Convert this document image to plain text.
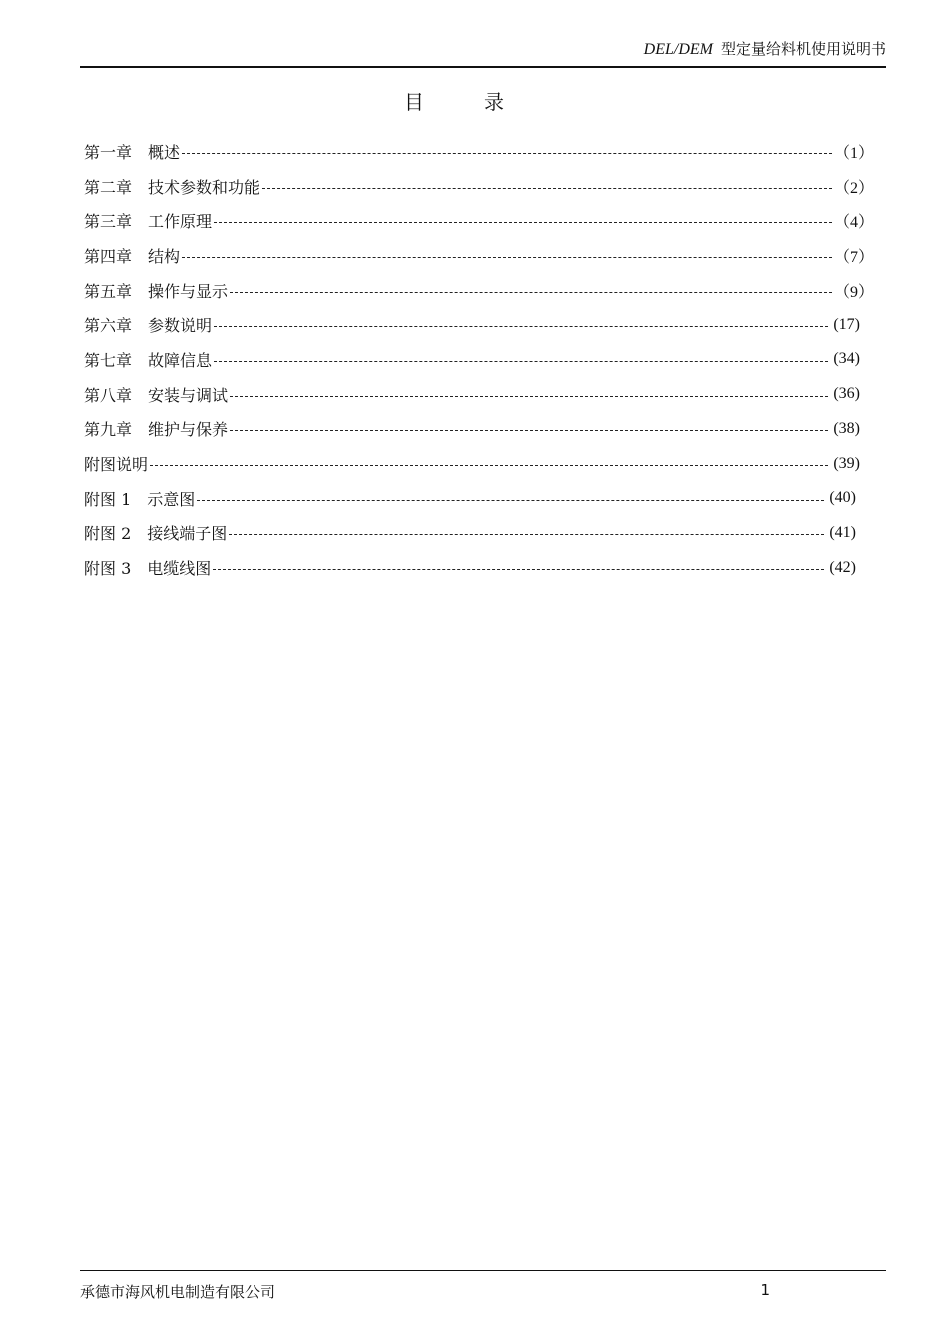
DEL/DEM 型定量给料机使用说明书
目录
第一章 概述	（1）
第二章 技术参数和功能	（2）
第三章 工作原理	（4）
第四章 结构	（7）
第五章 操作与显示	（9）
第六章 参数说明	(17)
第七章 故障信息	(34)
第八章 安装与调试	(36)
第九章 维护与保养	(38)
附图说明	(39)
附图 1 示意图	(40)
附图 2 接线端子图	(41)
附图 3 电缆线图	(42)
承德市海风机电制造有限公司	1
